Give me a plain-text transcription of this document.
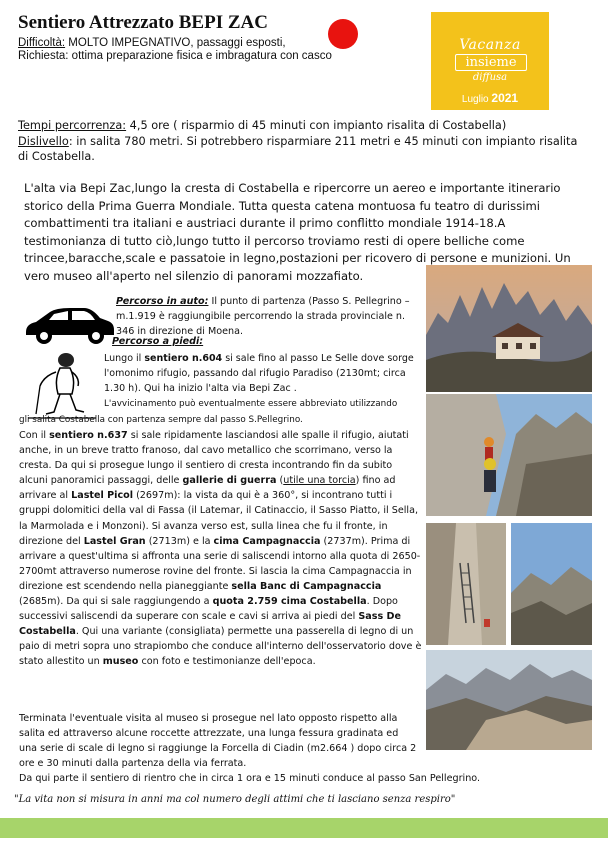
Sentiero Attrezzato BEPI ZAC
Difficoltà: MOLTO IMPEGNATIVO, passaggi esposti,
Richiesta: ottima preparazione fisica e imbragatura con casco
Vacanza
insieme
diffusa
Luglio 2021
Tempi percorrenza: 4,5 ore ( risparmio di 45 minuti con impianto risalita di Costabella)
Dislivello: in salita 780 metri. Si potrebbero risparmiare 211 metri e 45 minuti con impianto risalita di Costabella.
L'alta via Bepi Zac,lungo la cresta di Costabella e ripercorre un aereo e importante itinerario storico della Prima Guerra Mondiale. Tutta questa catena montuosa fu teatro di durissimi combattimenti tra italiani e austriaci durante il primo conflitto mondiale 1914-18.A testimonianza di tutto ciò,lungo tutto il percorso troviamo resti di opere belliche come trincee,baracche,scale e passatoie in legno,postazioni per ricovero di persone e munizioni. Un vero museo all'aperto nel silenzio di panorami mozzafiato.
Percorso in auto: Il punto di partenza (Passo S. Pellegrino –m.1.919 è raggiungibile percorrendo la strada provinciale n. 346 in direzione di Moena.
Percorso a piedi:
Lungo il sentiero n.604 si sale fino al passo Le Selle dove sorge l'omonimo rifugio, passando dal rifugio Paradiso (2130mt; circa 1.30 h). Qui ha inizio l'alta via Bepi Zac .
L'avvicinamento può eventualmente essere abbreviato utilizzando
gli salita Costabella con partenza sempre dal passo S.Pellegrino.
Con il sentiero n.637 si sale ripidamente lasciandosi alle spalle il rifugio, aiutati anche, in un breve tratto franoso, dal cavo metallico che scorrimano, verso la cresta. Da qui si prosegue lungo il sentiero di cresta incontrando fin da subito alcuni panoramici passaggi, delle gallerie di guerra (utile una torcia) fino ad arrivare al Lastel Picol (2697m): la vista da qui è a 360°, si incontrano tutti i gruppi dolomitici della val di Fassa (il Latemar, il Catinaccio, il Sasso Piatto, il Sella, la Marmolada e i Monzoni). Si avanza verso est, sulla linea che fu il fronte, in direzione del Lastel Gran (2713m) e la cima Campagnaccia (2737m). Prima di arrivare a quest'ultima si affronta una serie di saliscendi intorno alla quota di 2650-2700mt attraverso numerose rovine del fronte. Si lascia la cima Campagnaccia in direzione est scendendo nella pianeggiante sella Banc di Campagnaccia (2685m). Da qui si sale raggiungendo a quota 2.759 cima Costabella. Dopo successivi saliscendi da superare con scale e cavi si arriva ai piedi del Sass De Costabella. Qui una variante (consigliata) permette una passerella di legno di un paio di metri sopra uno strapiombo che conduce all'interno dell'osservatorio dove è stato allestito un museo con foto e testimonianze dell'epoca.
Terminata l'eventuale visita al museo si prosegue nel lato opposto rispetto alla salita ed attraverso alcune roccette attrezzate, una lunga fessura gradinata ed una serie di scale di legno si raggiunge la Forcella di Ciadin (m2.664 ) dopo circa 2 ore e 30 minuti dalla partenza della via ferrata.
Da qui parte il sentiero di rientro che in circa 1 ora e 15 minuti conduce al passo San Pellegrino.
"La vita non si misura in anni ma col numero degli attimi che ti lasciano senza respiro"
